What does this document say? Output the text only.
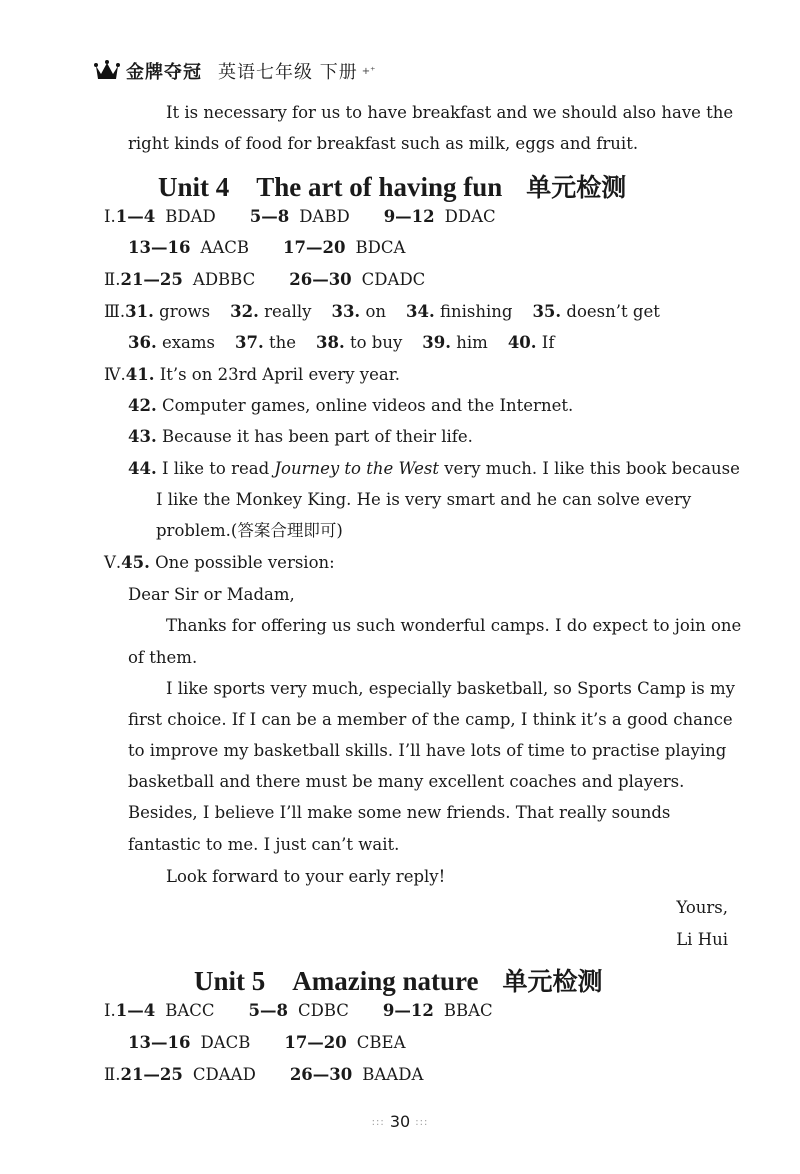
金牌夺冠 英语七年级 下册 +⁺
It is necessary for us to have breakfast and we should also have the
right kinds of food for breakfast such as milk, eggs and fruit.
Unit 4　The art of having fun 单元检测
Ⅰ.1—4 BDAD 5—8 DABD 9—12 DDAC
13—16 AACB 17—20 BDCA
Ⅱ.21—25 ADBBC 26—30 CDADC
Ⅲ.31. grows 32. really 33. on 34. finishing 35. doesn’t get
36. exams 37. the 38. to buy 39. him 40. If
Ⅳ.41. It’s on 23rd April every year.
42. Computer games, online videos and the Internet.
43. Because it has been part of their life.
44. I like to read Journey to the West very much. I like this book because
I like the Monkey King. He is very smart and he can solve every
problem.(答案合理即可)
Ⅴ.45. One possible version:
Dear Sir or Madam,
Thanks for offering us such wonderful camps. I do expect to join one
of them.
I like sports very much, especially basketball, so Sports Camp is my
first choice. If I can be a member of the camp, I think it’s a good chance
to improve my basketball skills. I’ll have lots of time to practise playing
basketball and there must be many excellent coaches and players.
Besides, I believe I’ll make some new friends. That really sounds
fantastic to me. I just can’t wait.
Look forward to your early reply!
Yours,
Li Hui
Unit 5　Amazing nature 单元检测
Ⅰ.1—4 BACC 5—8 CDBC 9—12 BBAC
13—16 DACB 17—20 CBEA
Ⅱ.21—25 CDAAD 26—30 BAADA
::: 30 :::
